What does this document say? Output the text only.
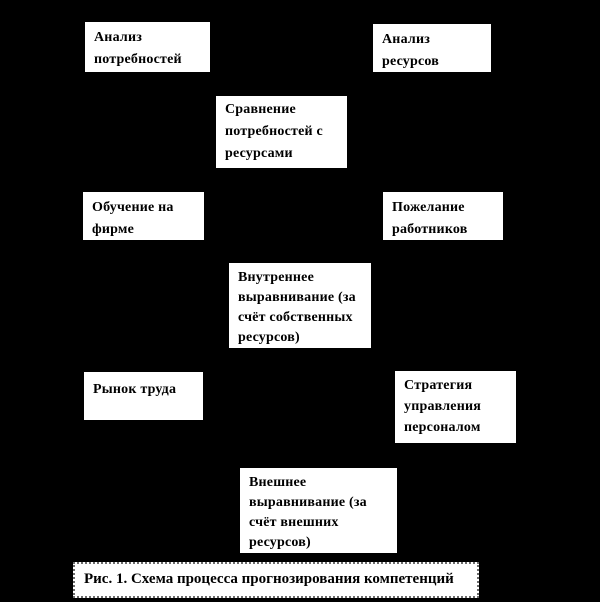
Анализ потребностей
Анализ ресурсов
Сравнение потребностей с ресурсами
Обучение на фирме
Пожелание работников
Внутреннее выравнивание (за счёт собственных ресурсов)
Рынок труда	Стратегия управления персоналом
Внешнее выравнивание (за счёт внешних ресурсов)
Рис. 1. Схема процесса прогнозирования компетенций
